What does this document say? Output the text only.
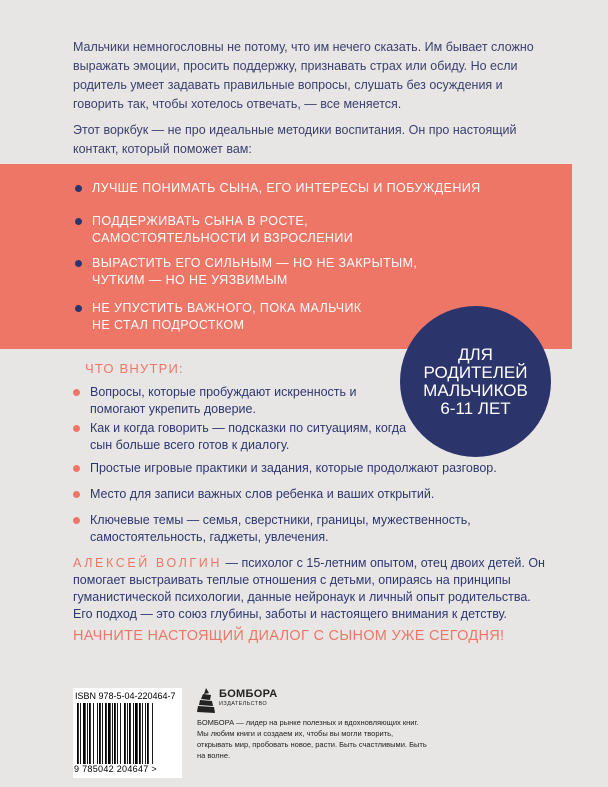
Мальчики немногословны не потому, что им нечего сказать. Им бывает сложно выражать эмоции, просить поддержку, признавать страх или обиду. Но если родитель умеет задавать правильные вопросы, слушать без осуждения и говорить так, чтобы хотелось отвечать, — все меняется.

Этот воркбук — не про идеальные методики воспитания. Он про настоящий контакт, который поможет вам:

ЛУЧШЕ ПОНИМАТЬ СЫНА, ЕГО ИНТЕРЕСЫ И ПОБУЖДЕНИЯ
ПОДДЕРЖИВАТЬ СЫНА В РОСТЕ, САМОСТОЯТЕЛЬНОСТИ И ВЗРОСЛЕНИИ
ВЫРАСТИТЬ ЕГО СИЛЬНЫМ — НО НЕ ЗАКРЫТЫМ, ЧУТКИМ — НО НЕ УЯЗВИМЫМ
НЕ УПУСТИТЬ ВАЖНОГО, ПОКА МАЛЬЧИК НЕ СТАЛ ПОДРОСТКОМ
ДЛЯ
РОДИТЕЛЕЙ
МАЛЬЧИКОВ
6-11 ЛЕТ
ЧТО ВНУТРИ:
Вопросы, которые пробуждают искренность и помогают укрепить доверие.
Как и когда говорить — подсказки по ситуациям, когда сын больше всего готов к диалогу.
Простые игровые практики и задания, которые продолжают разговор.
Место для записи важных слов ребенка и ваших открытий.
Ключевые темы — семья, сверстники, границы, мужественность, самостоятельность, гаджеты, увлечения.
АЛЕКСЕЙ ВОЛГИН — психолог с 15-летним опытом, отец двоих детей. Он помогает выстраивать теплые отношения с детьми, опираясь на принципы гуманистической психологии, данные нейронаук и личный опыт родительства. Его подход — это союз глубины, заботы и настоящего внимания к детству.
НАЧНИТЕ НАСТОЯЩИЙ ДИАЛОГ С СЫНОМ УЖЕ СЕГОДНЯ!
ISBN 978-5-04-220464-7
9 785042 204647 >
БОМБОРА
ИЗДАТЕЛЬСТВО
БОМБОРА — лидер на рынке полезных и вдохновляющих книг. Мы любим книги и создаем их, чтобы вы могли творить, открывать мир, пробовать новое, расти. Быть счастливыми. Быть на волне.
